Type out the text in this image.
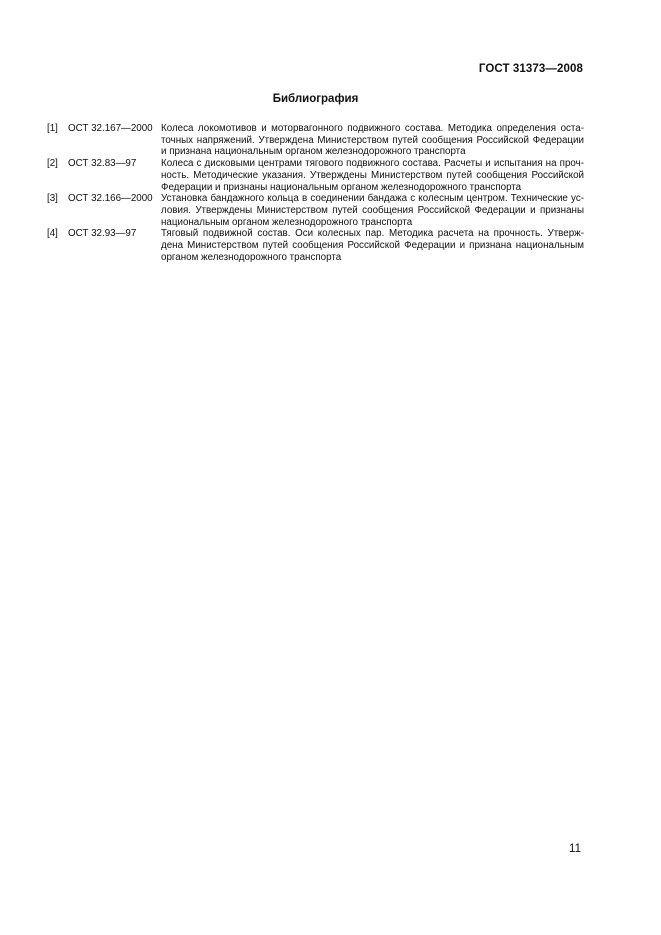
ГОСТ 31373—2008
Библиография
[1]	ОСТ 32.167—2000 Колеса локомотивов и моторвагонного подвижного состава. Методика определения оста-
точных напряжений. Утверждена Министерством путей сообщения Российской Федерации
и признана национальным органом железнодорожного транспорта
[2]	ОСТ 32.83—97	Колеса с дисковыми центрами тягового подвижного состава. Расчеты и испытания на проч-
ность. Методические указания. Утверждены Министерством путей сообщения Российской
Федерации и признаны национальным органом железнодорожного транспорта
[3]	ОСТ 32.166—2000 Установка бандажного кольца в соединении бандажа с колесным центром. Технические ус-
ловия. Утверждены Министерством путей сообщения Российской Федерации и признаны
национальным органом железнодорожного транспорта
[4]	ОСТ 32.93—97	Тяговый подвижной состав. Оси колесных пар. Методика расчета на прочность. Утверж-
дена Министерством путей сообщения Российской Федерации и признана национальным
органом железнодорожного транспорта
11
